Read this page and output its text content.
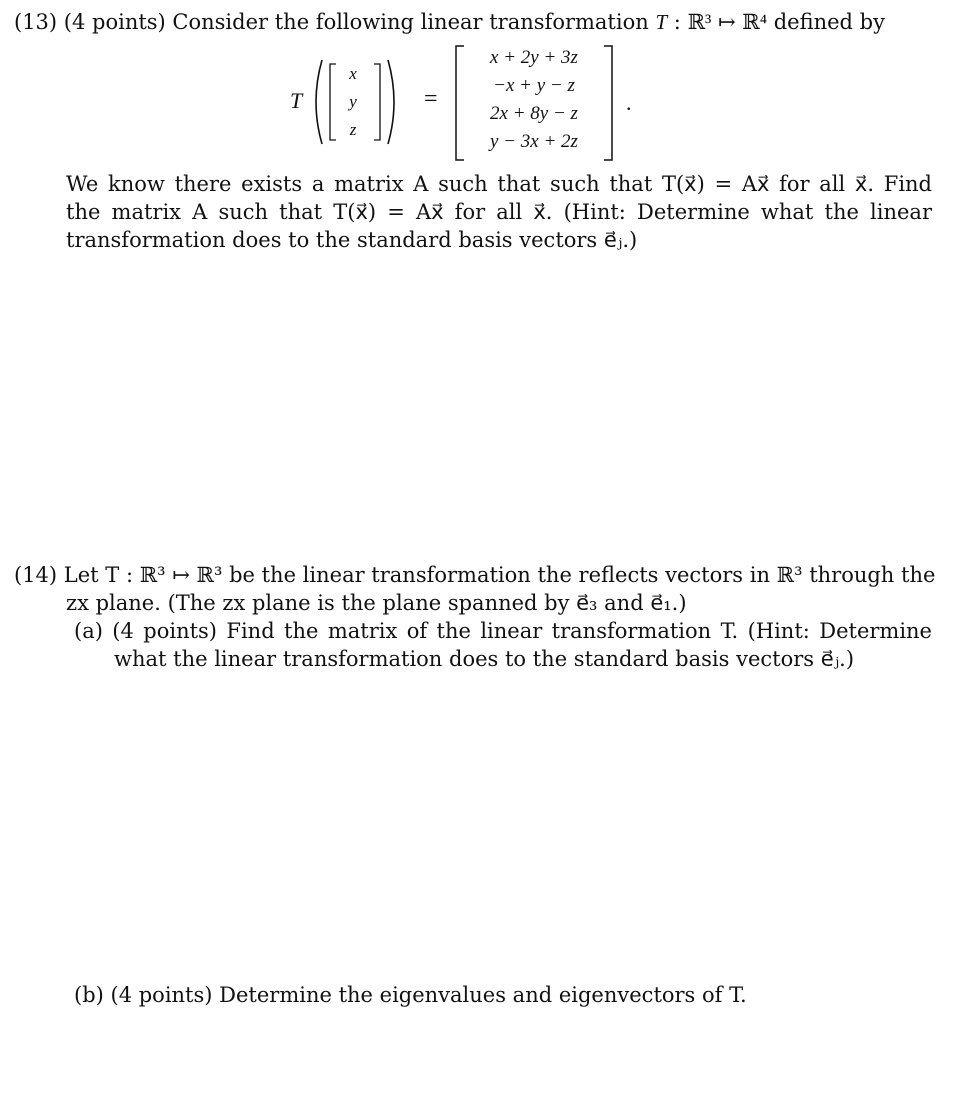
(13) (4 points) Consider the following linear transformation T : ℝ³ ↦ ℝ⁴ defined by
T
x
y
z
=
x + 2y + 3z
−x + y − z
2x + 8y − z
y − 3x + 2z
.
We know there exists a matrix A such that such that T(x⃗) = Ax⃗ for all x⃗. Find
the matrix A such that T(x⃗) = Ax⃗ for all x⃗. (Hint: Determine what the linear
transformation does to the standard basis vectors e⃗ⱼ.)
(14) Let T : ℝ³ ↦ ℝ³ be the linear transformation the reflects vectors in ℝ³ through the
zx plane. (The zx plane is the plane spanned by e⃗₃ and e⃗₁.)
(a) (4 points) Find the matrix of the linear transformation T. (Hint: Determine
what the linear transformation does to the standard basis vectors e⃗ⱼ.)
(b) (4 points) Determine the eigenvalues and eigenvectors of T.
